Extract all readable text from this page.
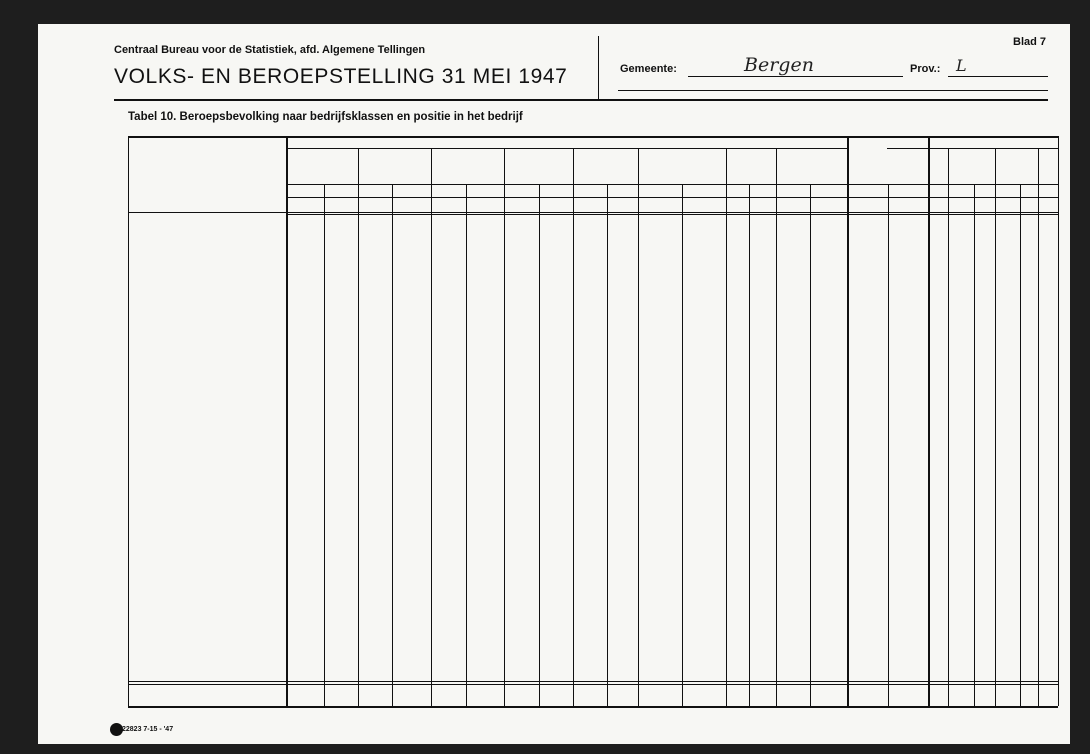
Blad 7
Centraal Bureau voor de Statistiek, afd. Algemene Tellingen
VOLKS- EN BEROEPSTELLING 31 MEI 1947	Gemeente:	Bergen	Prov.: L
Tabel 10. Beroepsbevolking naar bedrijfsklassen en positie in het bedrijf
22823 7-15 - '47
